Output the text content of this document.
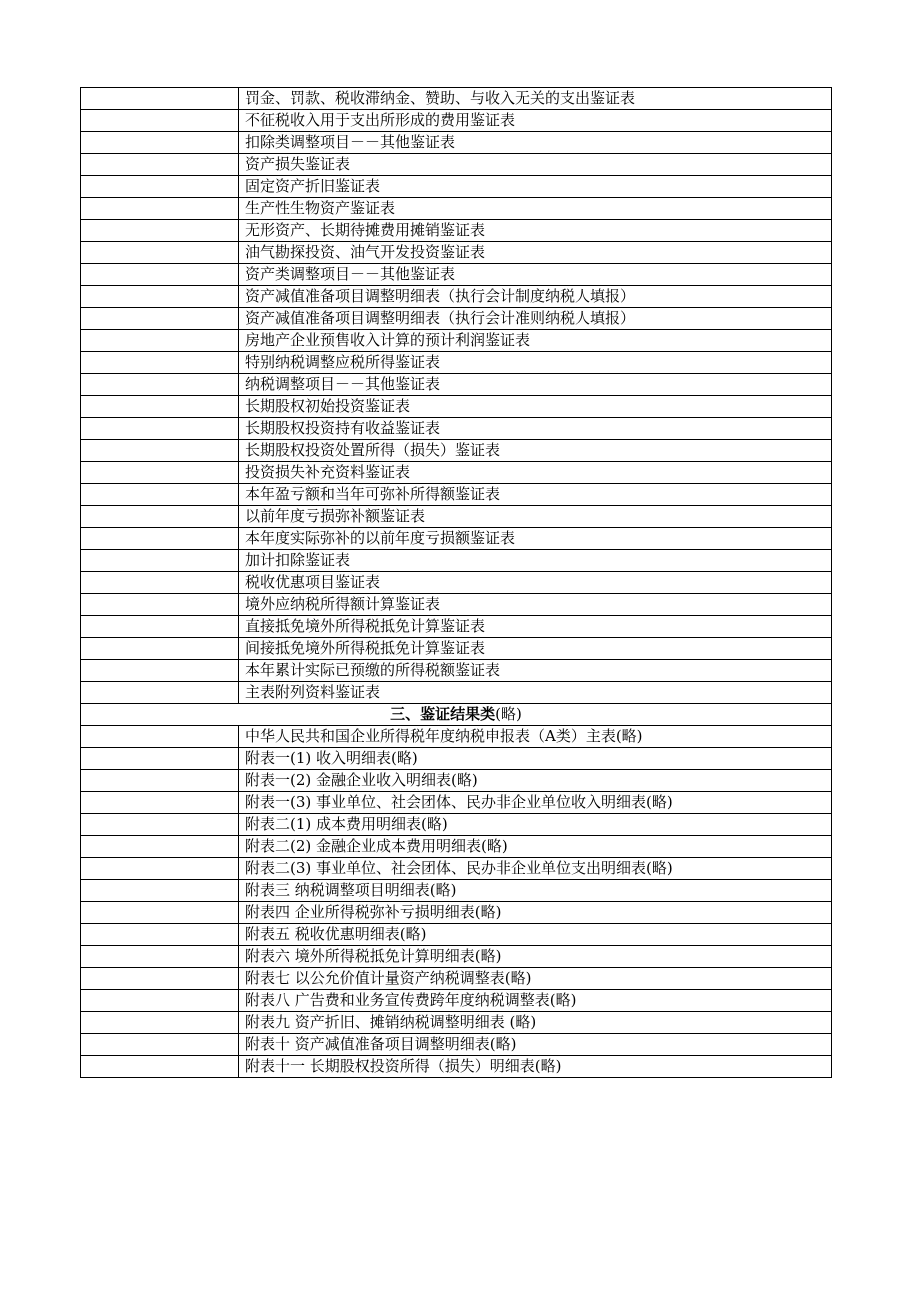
	罚金、罚款、税收滞纳金、赞助、与收入无关的支出鉴证表
	不征税收入用于支出所形成的费用鉴证表
	扣除类调整项目－－其他鉴证表
	资产损失鉴证表
	固定资产折旧鉴证表
	生产性生物资产鉴证表
	无形资产、长期待摊费用摊销鉴证表
	油气勘探投资、油气开发投资鉴证表
	资产类调整项目－－其他鉴证表
	资产减值准备项目调整明细表（执行会计制度纳税人填报）
	资产减值准备项目调整明细表（执行会计准则纳税人填报）
	房地产企业预售收入计算的预计利润鉴证表
	特别纳税调整应税所得鉴证表
	纳税调整项目－－其他鉴证表
	长期股权初始投资鉴证表
	长期股权投资持有收益鉴证表
	长期股权投资处置所得（损失）鉴证表
	投资损失补充资料鉴证表
	本年盈亏额和当年可弥补所得额鉴证表
	以前年度亏损弥补额鉴证表
	本年度实际弥补的以前年度亏损额鉴证表
	加计扣除鉴证表
	税收优惠项目鉴证表
	境外应纳税所得额计算鉴证表
	直接抵免境外所得税抵免计算鉴证表
	间接抵免境外所得税抵免计算鉴证表
	本年累计实际已预缴的所得税额鉴证表
	主表附列资料鉴证表
三、鉴证结果类(略)	
	中华人民共和国企业所得税年度纳税申报表（A类）主表(略)
	附表一(1) 收入明细表(略)
	附表一(2) 金融企业收入明细表(略)
	附表一(3) 事业单位、社会团体、民办非企业单位收入明细表(略)
	附表二(1) 成本费用明细表(略)
	附表二(2) 金融企业成本费用明细表(略)
	附表二(3) 事业单位、社会团体、民办非企业单位支出明细表(略)
	附表三 纳税调整项目明细表(略)
	附表四 企业所得税弥补亏损明细表(略)
	附表五 税收优惠明细表(略)
	附表六 境外所得税抵免计算明细表(略)
	附表七 以公允价值计量资产纳税调整表(略)
	附表八 广告费和业务宣传费跨年度纳税调整表(略)
	附表九 资产折旧、摊销纳税调整明细表 (略)
	附表十 资产减值准备项目调整明细表(略)
	附表十一 长期股权投资所得（损失）明细表(略)
